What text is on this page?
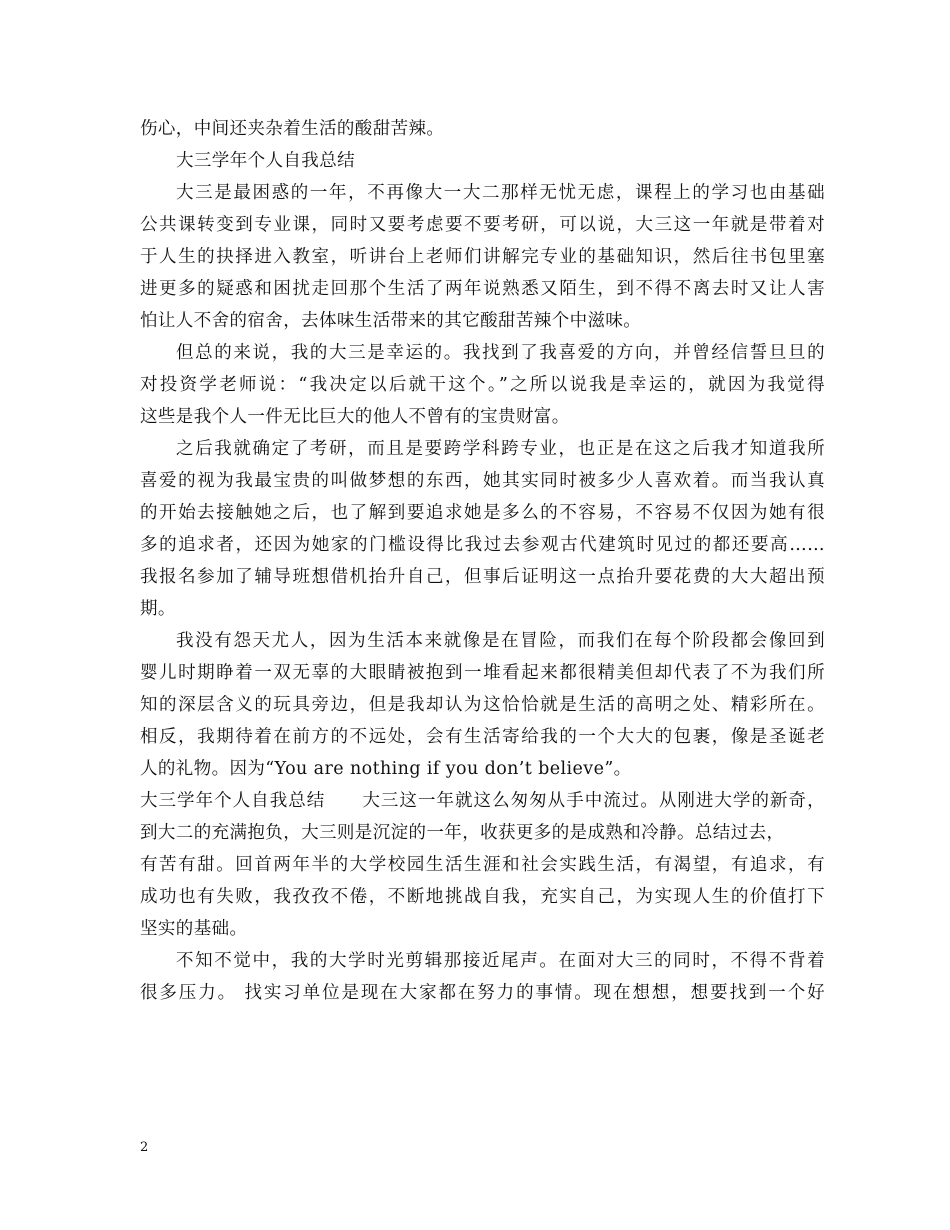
伤心，中间还夹杂着生活的酸甜苦辣。
大三学年个人自我总结
大三是最困惑的一年，不再像大一大二那样无忧无虑，课程上的学习也由基础
公共课转变到专业课，同时又要考虑要不要考研，可以说，大三这一年就是带着对
于人生的抉择进入教室，听讲台上老师们讲解完专业的基础知识，然后往书包里塞
进更多的疑惑和困扰走回那个生活了两年说熟悉又陌生，到不得不离去时又让人害
怕让人不舍的宿舍，去体味生活带来的其它酸甜苦辣个中滋味。
但总的来说，我的大三是幸运的。我找到了我喜爱的方向，并曾经信誓旦旦的
对投资学老师说：“我决定以后就干这个。”之所以说我是幸运的，就因为我觉得
这些是我个人一件无比巨大的他人不曾有的宝贵财富。
之后我就确定了考研，而且是要跨学科跨专业，也正是在这之后我才知道我所
喜爱的视为我最宝贵的叫做梦想的东西，她其实同时被多少人喜欢着。而当我认真
的开始去接触她之后，也了解到要追求她是多么的不容易，不容易不仅因为她有很
多的追求者，还因为她家的门槛设得比我过去参观古代建筑时见过的都还要高……
我报名参加了辅导班想借机抬升自己，但事后证明这一点抬升要花费的大大超出预
期。
我没有怨天尤人，因为生活本来就像是在冒险，而我们在每个阶段都会像回到
婴儿时期睁着一双无辜的大眼睛被抱到一堆看起来都很精美但却代表了不为我们所
知的深层含义的玩具旁边，但是我却认为这恰恰就是生活的高明之处、精彩所在。
相反，我期待着在前方的不远处，会有生活寄给我的一个大大的包裹，像是圣诞老
人的礼物。因为“You are nothing if you don’t believe”。
大三学年个人自我总结　　大三这一年就这么匆匆从手中流过。从刚进大学的新奇，
到大二的充满抱负，大三则是沉淀的一年，收获更多的是成熟和冷静。总结过去，
有苦有甜。回首两年半的大学校园生活生涯和社会实践生活，有渴望，有追求，有
成功也有失败，我孜孜不倦，不断地挑战自我，充实自己，为实现人生的价值打下
坚实的基础。
不知不觉中，我的大学时光剪辑那接近尾声。在面对大三的同时，不得不背着
很多压力。 找实习单位是现在大家都在努力的事情。现在想想，想要找到一个好
2
